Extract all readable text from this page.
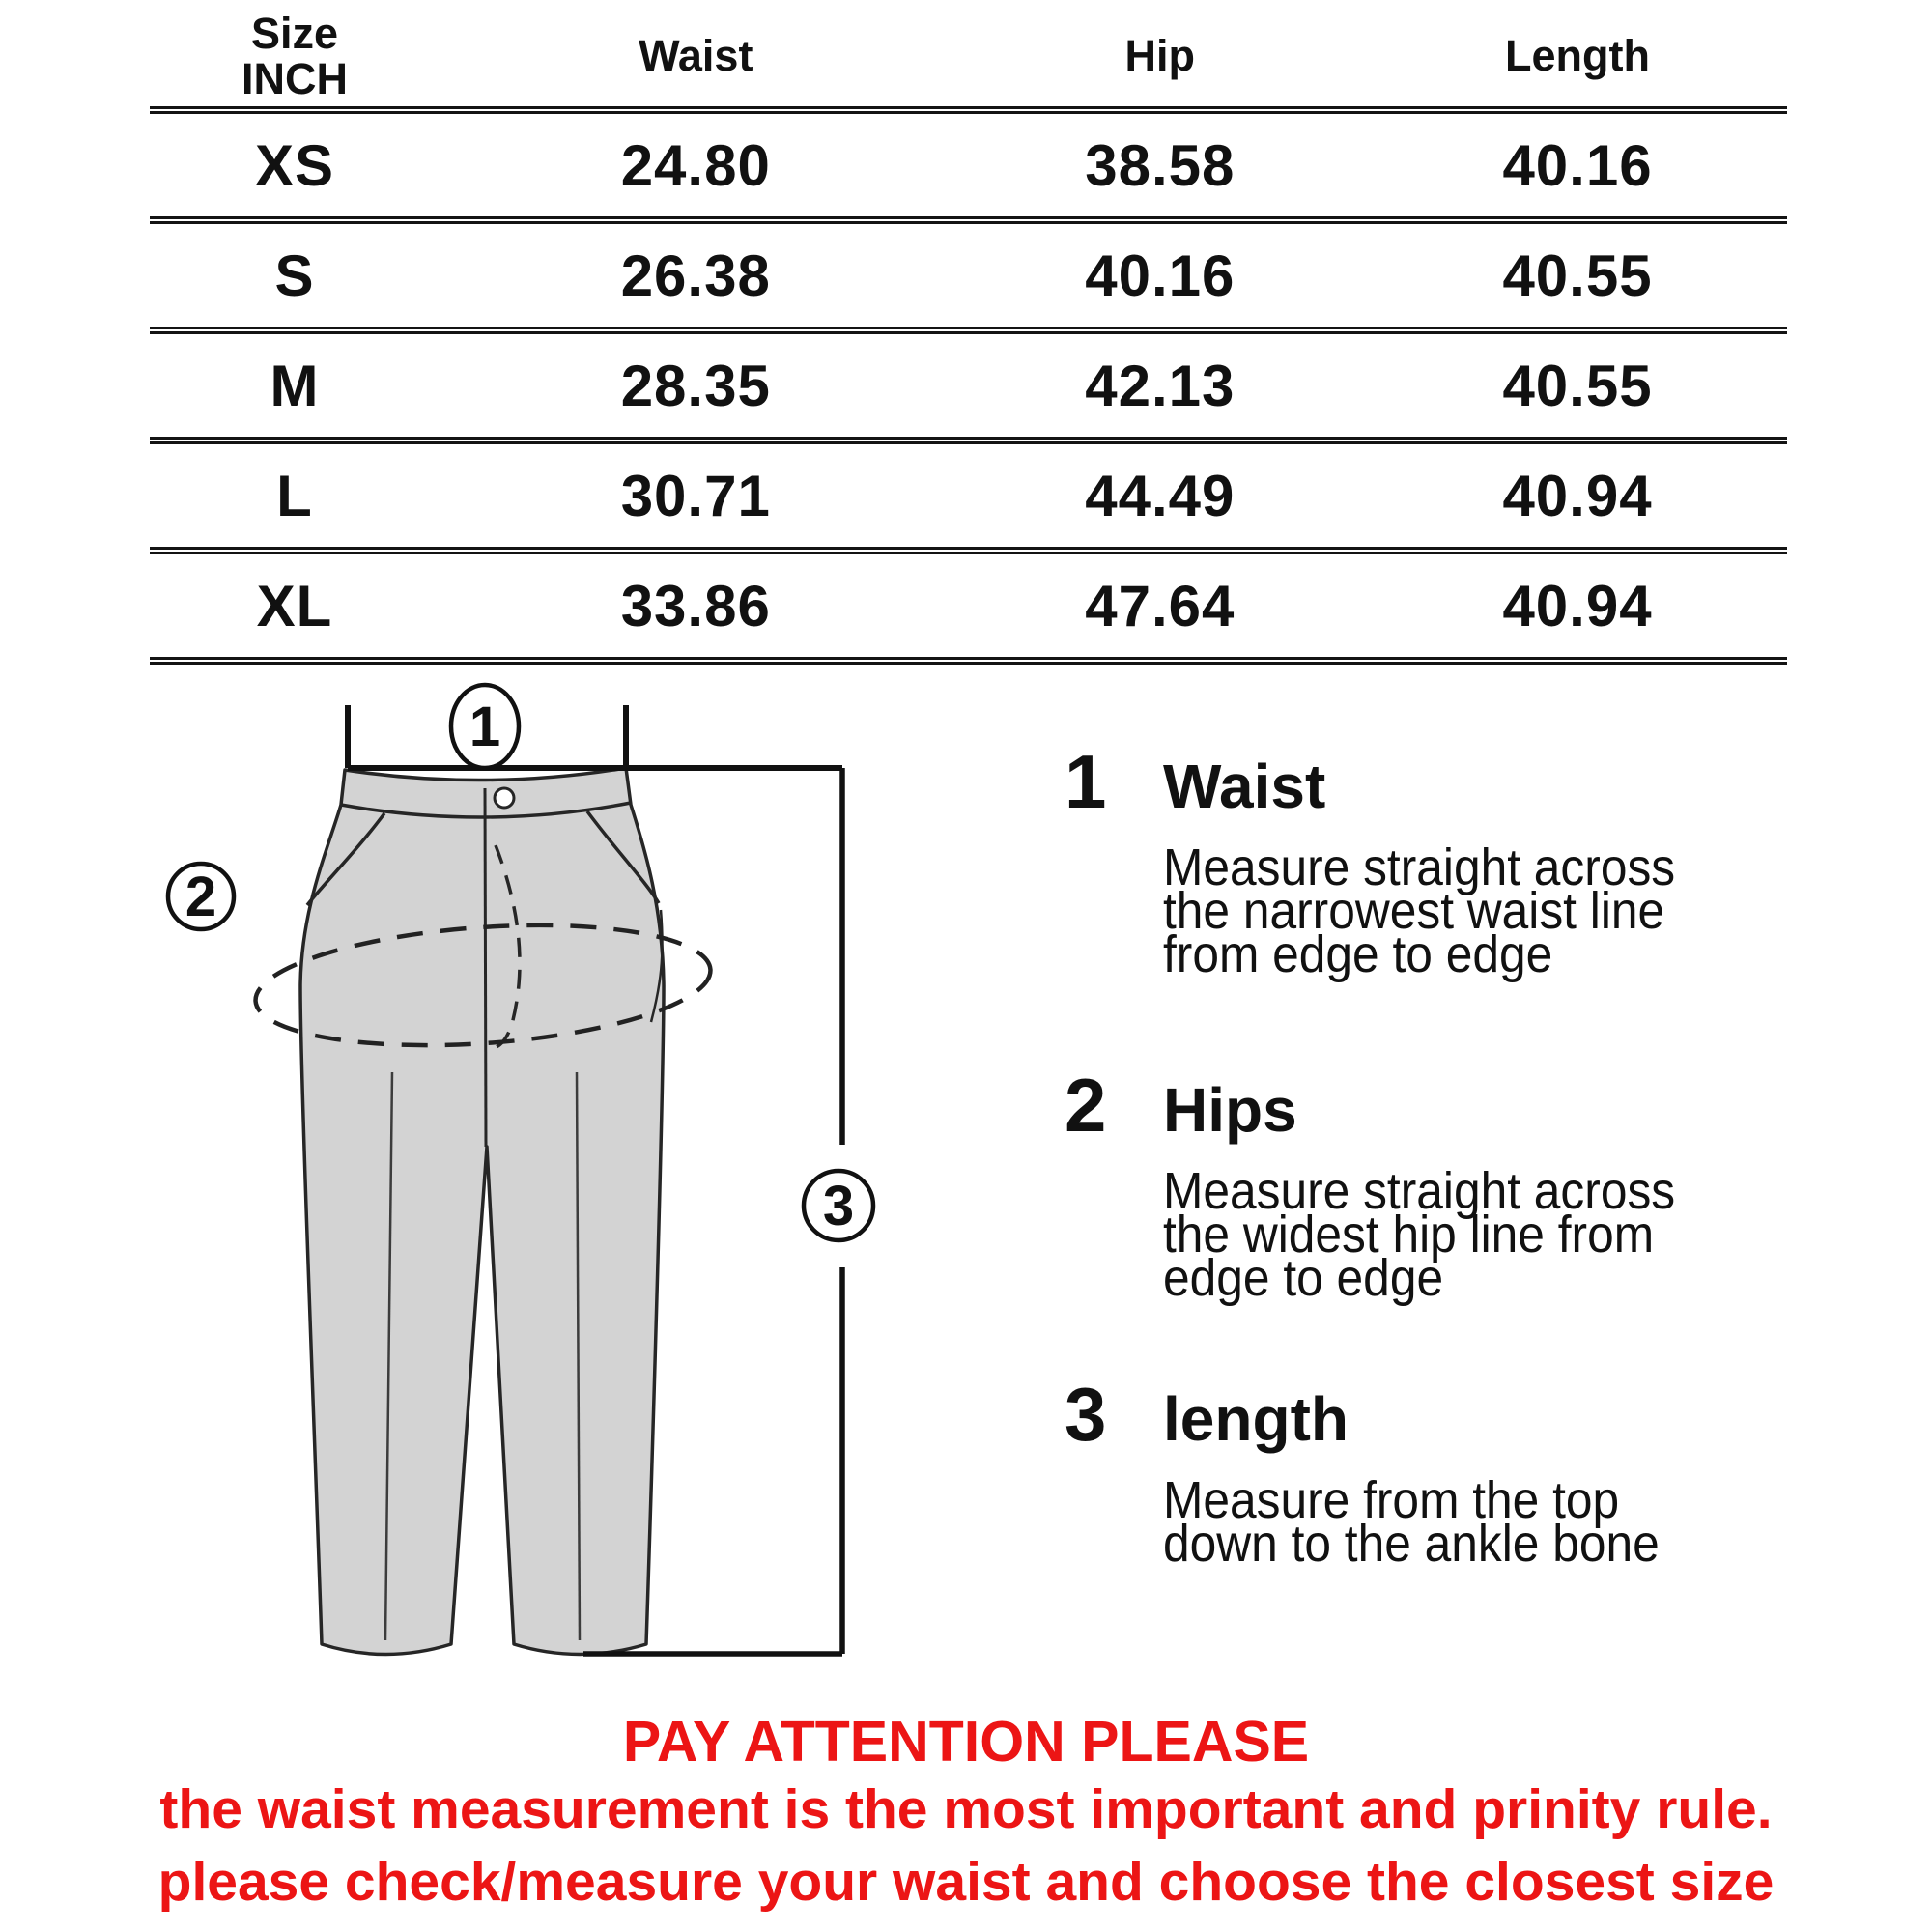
Size
INCH	Waist	Hip	Length
XS	24.80	38.58	40.16
S	26.38	40.16	40.55
M	28.35	42.13	40.55
L	30.71	44.49	40.94
XL	33.86	47.64	40.94
1
2
3
1 Waist
Measure straight across
the narrowest waist line
from edge to edge
2 Hips
Measure straight across
the widest hip line from
edge to edge
3 length
Measure from the top
down to the ankle bone
PAY ATTENTION PLEASE
the waist measurement is the most important and prinity rule.
please check/measure your waist and choose the closest size
